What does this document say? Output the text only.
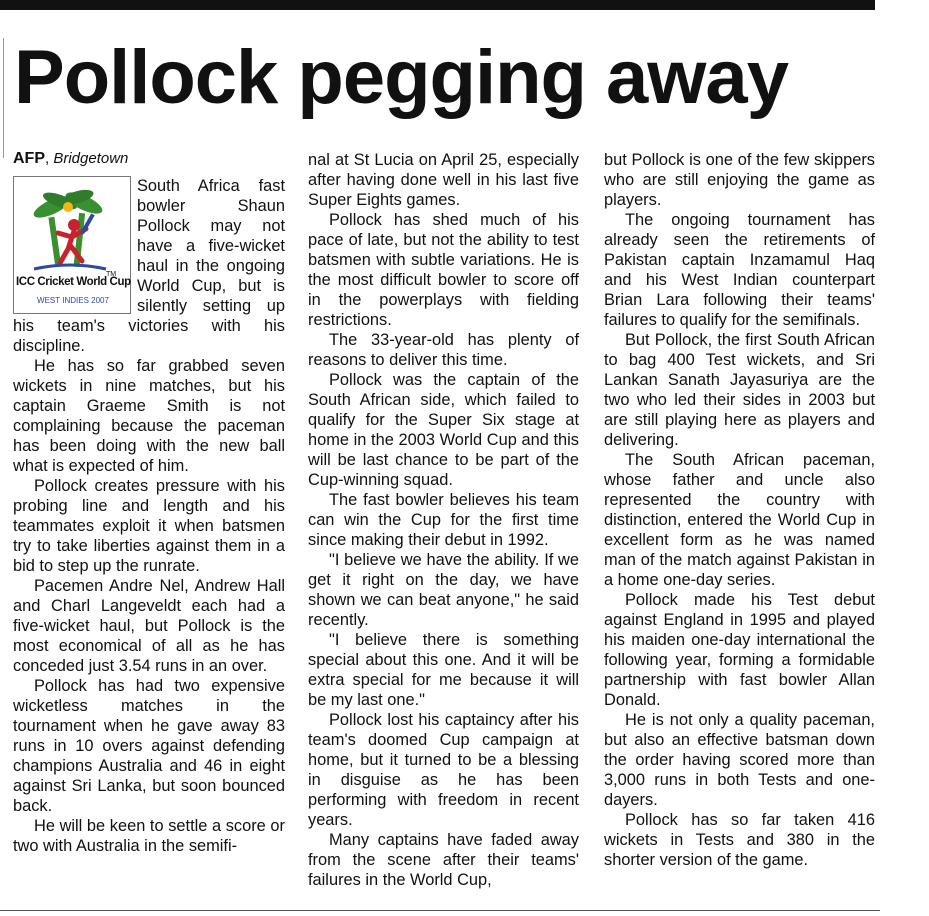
Pollock pegging away
AFP, Bridgetown
TM
ICC Cricket World Cup
WEST INDIES 2007

South Africa fast bowler Shaun Pollock may not have a five-wicket haul in the ongoing World Cup, but is silently setting up his team's victories with his discipline.

He has so far grabbed seven wickets in nine matches, but his captain Graeme Smith is not complaining because the paceman has been doing with the new ball what is expected of him.

Pollock creates pressure with his probing line and length and his teammates exploit it when batsmen try to take liberties against them in a bid to step up the runrate.

Pacemen Andre Nel, Andrew Hall and Charl Langeveldt each had a five-wicket haul, but Pollock is the most economical of all as he has conceded just 3.54 runs in an over.

Pollock has had two expensive wicketless matches in the tournament when he gave away 83 runs in 10 overs against defending champions Australia and 46 in eight against Sri Lanka, but soon bounced back.

He will be keen to settle a score or two with Australia in the semifi-

nal at St Lucia on April 25, especially after having done well in his last five Super Eights games.

Pollock has shed much of his pace of late, but not the ability to test batsmen with subtle variations. He is the most difficult bowler to score off in the powerplays with fielding restrictions.

The 33-year-old has plenty of reasons to deliver this time.

Pollock was the captain of the South African side, which failed to qualify for the Super Six stage at home in the 2003 World Cup and this will be last chance to be part of the Cup-winning squad.

The fast bowler believes his team can win the Cup for the first time since making their debut in 1992.

"I believe we have the ability. If we get it right on the day, we have shown we can beat anyone," he said recently.

"I believe there is something special about this one. And it will be extra special for me because it will be my last one."

Pollock lost his captaincy after his team's doomed Cup campaign at home, but it turned to be a blessing in disguise as he has been performing with freedom in recent years.

Many captains have faded away from the scene after their teams' failures in the World Cup,

but Pollock is one of the few skippers who are still enjoying the game as players.

The ongoing tournament has already seen the retirements of Pakistan captain Inzamamul Haq and his West Indian counterpart Brian Lara following their teams' failures to qualify for the semifinals.

But Pollock, the first South African to bag 400 Test wickets, and Sri Lankan Sanath Jayasuriya are the two who led their sides in 2003 but are still playing here as players and delivering.

The South African paceman, whose father and uncle also represented the country with distinction, entered the World Cup in excellent form as he was named man of the match against Pakistan in a home one-day series.

Pollock made his Test debut against England in 1995 and played his maiden one-day international the following year, forming a formidable partnership with fast bowler Allan Donald.

He is not only a quality paceman, but also an effective batsman down the order having scored more than 3,000 runs in both Tests and one-dayers.

Pollock has so far taken 416 wickets in Tests and 380 in the shorter version of the game.
